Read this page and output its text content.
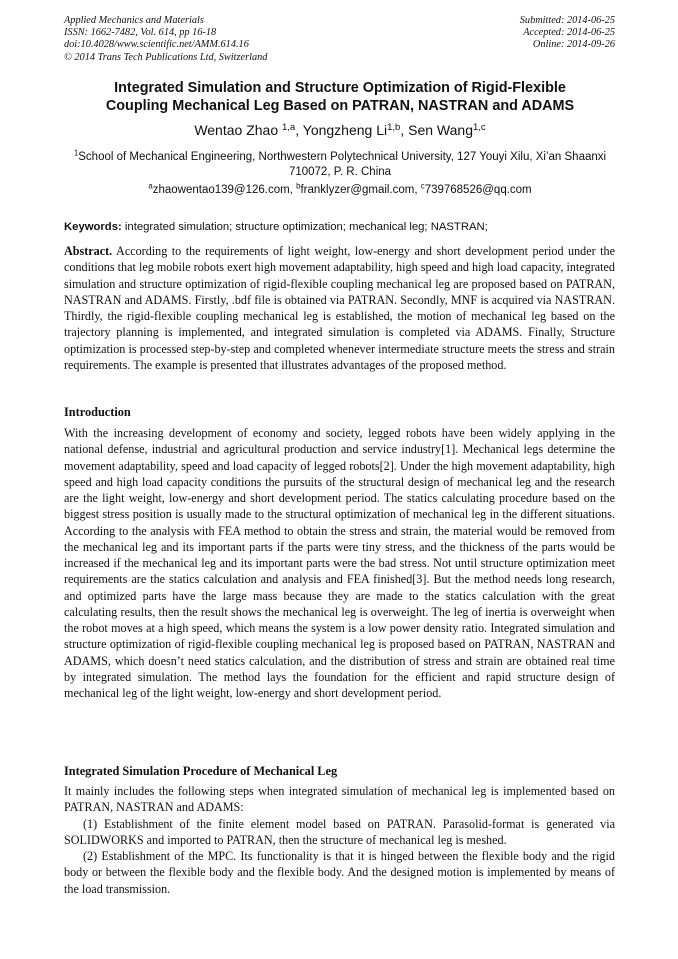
Applied Mechanics and Materials
ISSN: 1662-7482, Vol. 614, pp 16-18
doi:10.4028/www.scientific.net/AMM.614.16
© 2014 Trans Tech Publications Ltd, Switzerland
Submitted: 2014-06-25
Accepted: 2014-06-25
Online: 2014-09-26
Integrated Simulation and Structure Optimization of Rigid-Flexible
Coupling Mechanical Leg Based on PATRAN, NASTRAN and ADAMS
Wentao Zhao $^{1,a}$, Yongzheng Li$^{1,b}$, Sen Wang$^{1,c}$
$^1$School of Mechanical Engineering, Northwestern Polytechnical University, 127 Youyi Xilu, Xi’an Shaanxi 710072, P. R. China
$^a$zhaowentao139@126.com, $^b$franklyzer@gmail.com, $^c$739768526@qq.com
Keywords: integrated simulation; structure optimization; mechanical leg; NASTRAN;

Abstract. According to the requirements of light weight, low-energy and short development period under the conditions that leg mobile robots exert high movement adaptability, high speed and high load capacity, integrated simulation and structure optimization of rigid-flexible coupling mechanical leg are proposed based on PATRAN, NASTRAN and ADAMS. Firstly, .bdf file is obtained via PATRAN. Secondly, MNF is acquired via NASTRAN. Thirdly, the rigid-flexible coupling mechanical leg is established, the motion of mechanical leg based on the trajectory planning is implemented, and integrated simulation is completed via ADAMS. Finally, Structure optimization is processed step-by-step and completed whenever intermediate structure meets the stress and strain requirements. The example is presented that illustrates advantages of the proposed method.

Introduction

With the increasing development of economy and society, legged robots have been widely applying in the national defense, industrial and agricultural production and service industry[1]. Mechanical legs determine the movement adaptability, speed and load capacity of legged robots[2]. Under the high movement adaptability, high speed and high load capacity conditions the pursuits of the structural design of mechanical leg and the research are the light weight, low-energy and short development period. The statics calculating procedure based on the biggest stress position is usually made to the structural optimization of mechanical leg in the different situations. According to the analysis with FEA method to obtain the stress and strain, the material would be removed from the mechanical leg and its important parts if the parts were tiny stress, and the thickness of the parts would be increased if the mechanical leg and its important parts were the bad stress. Not until structure optimization meet requirements are the statics calculation and analysis and FEA finished[3]. But the method needs long research, and optimized parts have the large mass because they are made to the statics calculation with the great calculating results, then the result shows the mechanical leg is overweight. The leg of inertia is overweight when the robot moves at a high speed, which means the system is a low power density ratio. Integrated simulation and structure optimization of rigid-flexible coupling mechanical leg is proposed based on PATRAN, NASTRAN and ADAMS, which doesn’t need statics calculation, and the distribution of stress and strain are obtained real time by integrated simulation. The method lays the foundation for the efficient and rapid structure design of mechanical leg of the light weight, low-energy and short development period.

Integrated Simulation Procedure of Mechanical Leg

It mainly includes the following steps when integrated simulation of mechanical leg is implemented based on PATRAN, NASTRAN and ADAMS:

(1) Establishment of the finite element model based on PATRAN. Parasolid-format is generated via SOLIDWORKS and imported to PATRAN, then the structure of mechanical leg is meshed.

(2) Establishment of the MPC. Its functionality is that it is hinged between the flexible body and the rigid body or between the flexible body and the flexible body. And the designed motion is implemented by means of the load transmission.
